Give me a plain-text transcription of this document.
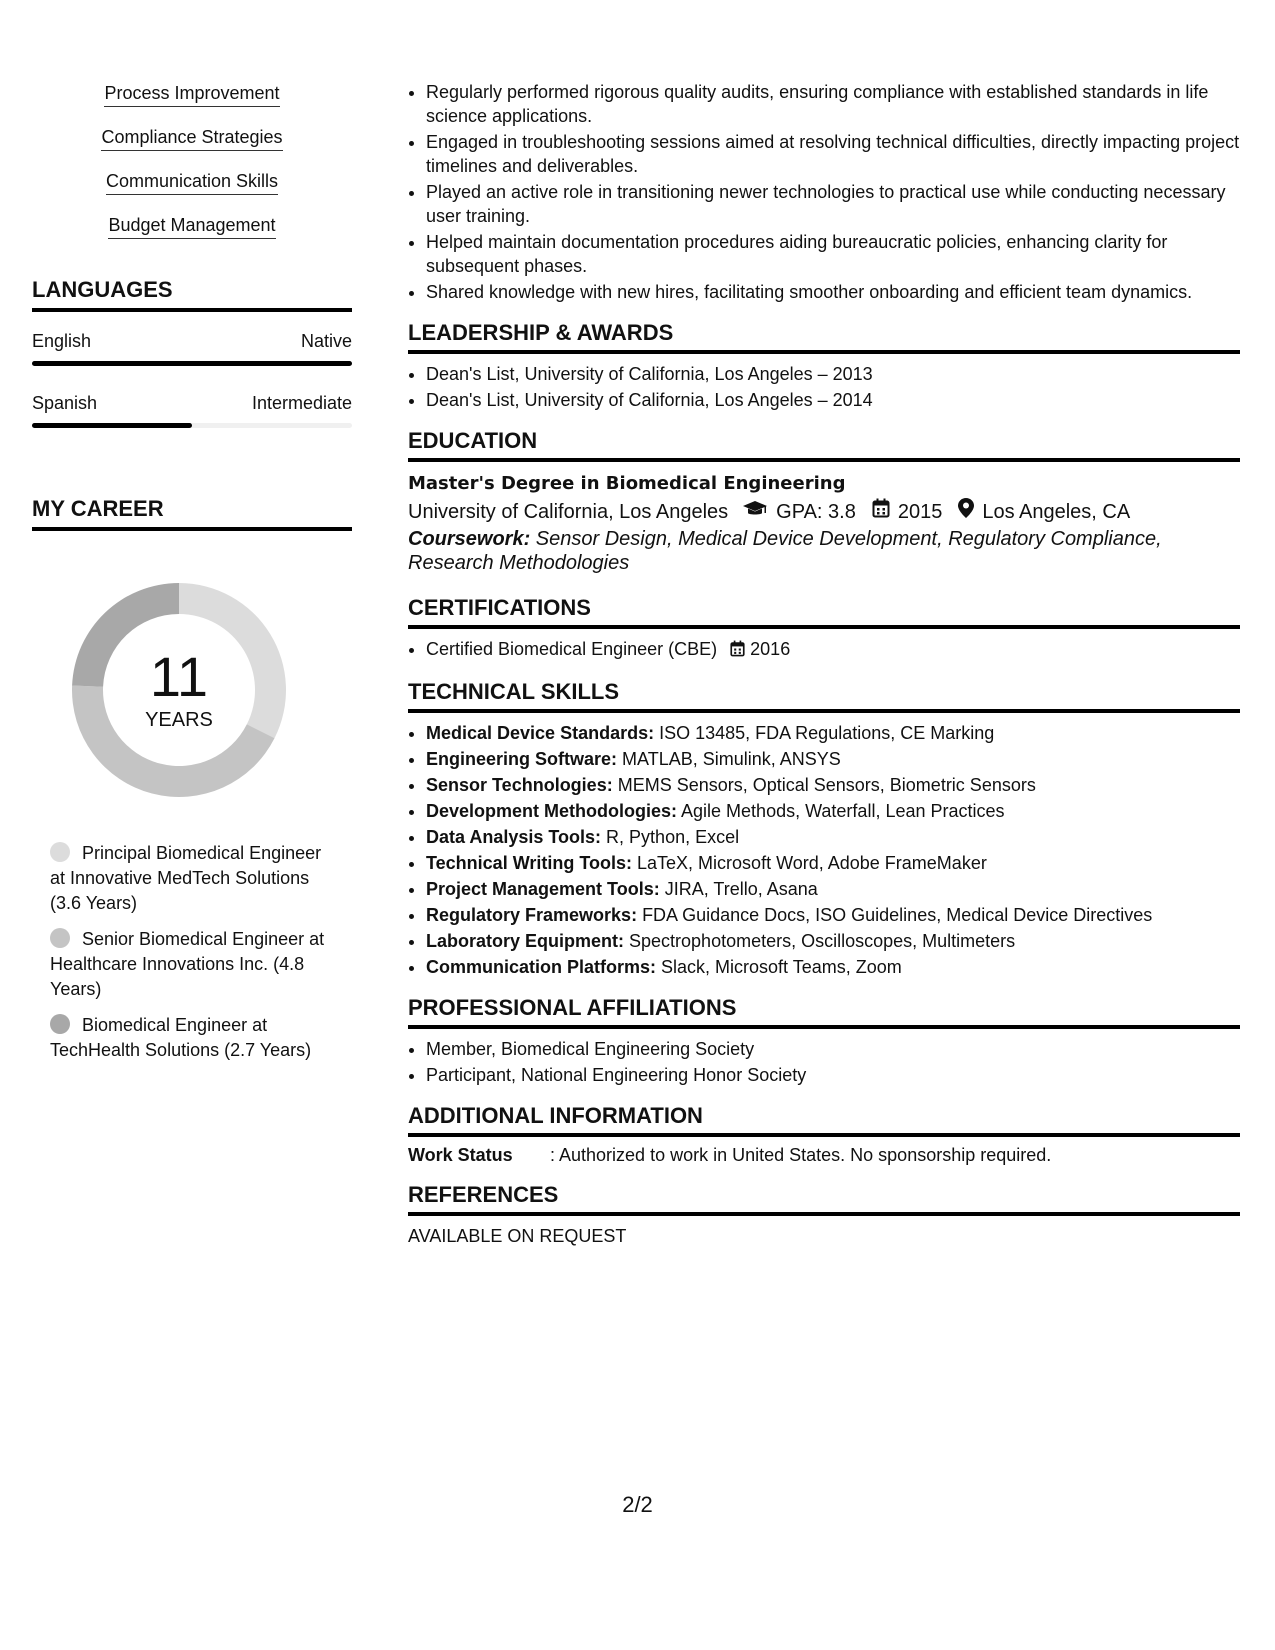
Process Improvement
Compliance Strategies
Communication Skills
Budget Management
LANGUAGES
English	Native
Spanish	Intermediate
MY CAREER
11
YEARS
Principal Biomedical Engineer at Innovative MedTech Solutions (3.6 Years)
Senior Biomedical Engineer at Healthcare Innovations Inc. (4.8 Years)
Biomedical Engineer at TechHealth Solutions (2.7 Years)
• Regularly performed rigorous quality audits, ensuring compliance with established standards in life science applications.
• Engaged in troubleshooting sessions aimed at resolving technical difficulties, directly impacting project timelines and deliverables.
• Played an active role in transitioning newer technologies to practical use while conducting necessary user training.
• Helped maintain documentation procedures aiding bureaucratic policies, enhancing clarity for subsequent phases.
• Shared knowledge with new hires, facilitating smoother onboarding and efficient team dynamics.
LEADERSHIP & AWARDS
• Dean's List, University of California, Los Angeles – 2013
• Dean's List, University of California, Los Angeles – 2014
EDUCATION
Master's Degree in Biomedical Engineering
University of California, Los Angeles GPA: 3.8 2015 Los Angeles, CA
Coursework: Sensor Design, Medical Device Development, Regulatory Compliance, Research Methodologies
CERTIFICATIONS
• Certified Biomedical Engineer (CBE) 2016
TECHNICAL SKILLS
• Medical Device Standards: ISO 13485, FDA Regulations, CE Marking
• Engineering Software: MATLAB, Simulink, ANSYS
• Sensor Technologies: MEMS Sensors, Optical Sensors, Biometric Sensors
• Development Methodologies: Agile Methods, Waterfall, Lean Practices
• Data Analysis Tools: R, Python, Excel
• Technical Writing Tools: LaTeX, Microsoft Word, Adobe FrameMaker
• Project Management Tools: JIRA, Trello, Asana
• Regulatory Frameworks: FDA Guidance Docs, ISO Guidelines, Medical Device Directives
• Laboratory Equipment: Spectrophotometers, Oscilloscopes, Multimeters
• Communication Platforms: Slack, Microsoft Teams, Zoom
PROFESSIONAL AFFILIATIONS
• Member, Biomedical Engineering Society
• Participant, National Engineering Honor Society
ADDITIONAL INFORMATION
Work Status	: Authorized to work in United States. No sponsorship required.
REFERENCES
AVAILABLE ON REQUEST
2/2
